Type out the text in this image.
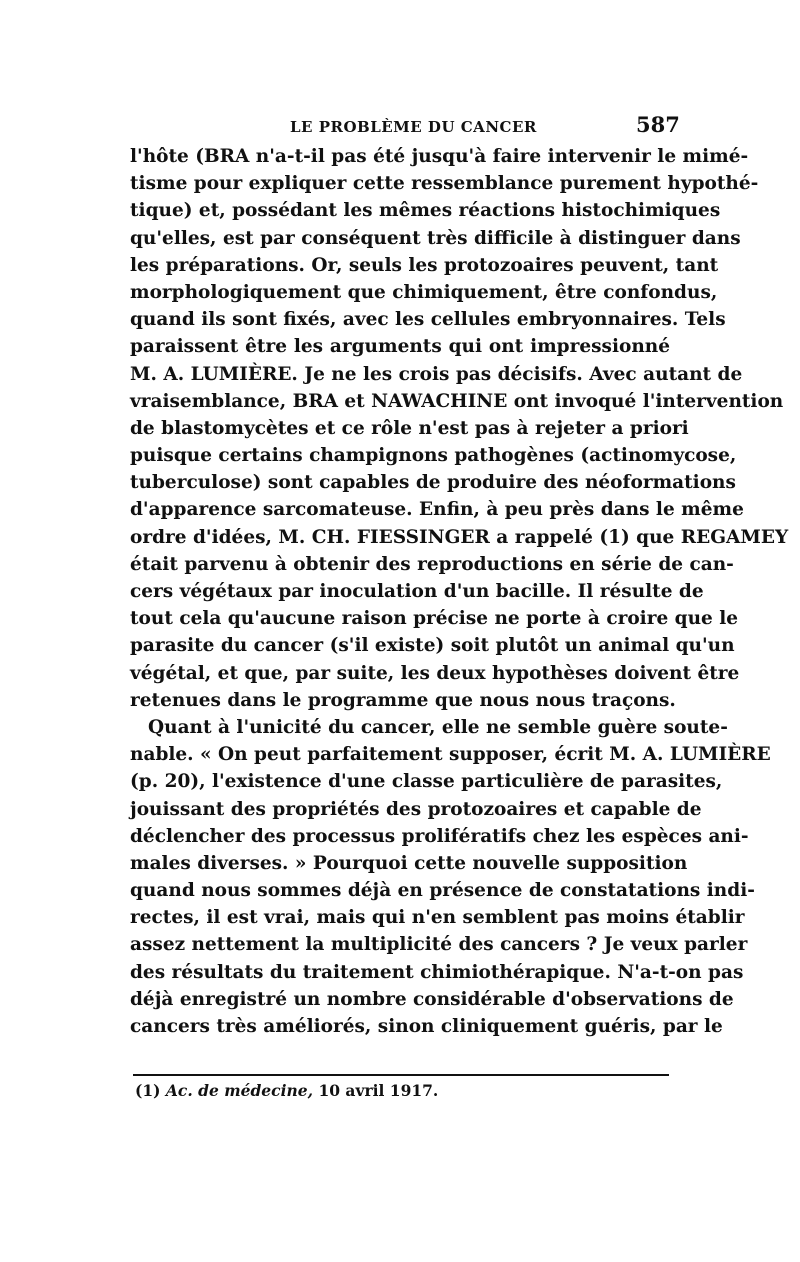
LE PROBLÈME DU CANCER	587
l'hôte (BRA n'a-t-il pas été jusqu'à faire intervenir le mimé-
tisme pour expliquer cette ressemblance purement hypothé-
tique) et, possédant les mêmes réactions histochimiques
qu'elles, est par conséquent très difficile à distinguer dans
les préparations. Or, seuls les protozoaires peuvent, tant
morphologiquement que chimiquement, être confondus,
quand ils sont fixés, avec les cellules embryonnaires. Tels
paraissent être les arguments qui ont impressionné
M. A. LUMIÈRE. Je ne les crois pas décisifs. Avec autant de
vraisemblance, BRA et NAWACHINE ont invoqué l'intervention
de blastomycètes et ce rôle n'est pas à rejeter a priori
puisque certains champignons pathogènes (actinomycose,
tuberculose) sont capables de produire des néoformations
d'apparence sarcomateuse. Enfin, à peu près dans le même
ordre d'idées, M. CH. FIESSINGER a rappelé (1) que REGAMEY
était parvenu à obtenir des reproductions en série de can-
cers végétaux par inoculation d'un bacille. Il résulte de
tout cela qu'aucune raison précise ne porte à croire que le
parasite du cancer (s'il existe) soit plutôt un animal qu'un
végétal, et que, par suite, les deux hypothèses doivent être
retenues dans le programme que nous nous traçons.
Quant à l'unicité du cancer, elle ne semble guère soute-
nable. « On peut parfaitement supposer, écrit M. A. LUMIÈRE
(p. 20), l'existence d'une classe particulière de parasites,
jouissant des propriétés des protozoaires et capable de
déclencher des processus prolifératifs chez les espèces ani-
males diverses. » Pourquoi cette nouvelle supposition
quand nous sommes déjà en présence de constatations indi-
rectes, il est vrai, mais qui n'en semblent pas moins établir
assez nettement la multiplicité des cancers ? Je veux parler
des résultats du traitement chimiothérapique. N'a-t-on pas
déjà enregistré un nombre considérable d'observations de
cancers très améliorés, sinon cliniquement guéris, par le
(1) Ac. de médecine, 10 avril 1917.
